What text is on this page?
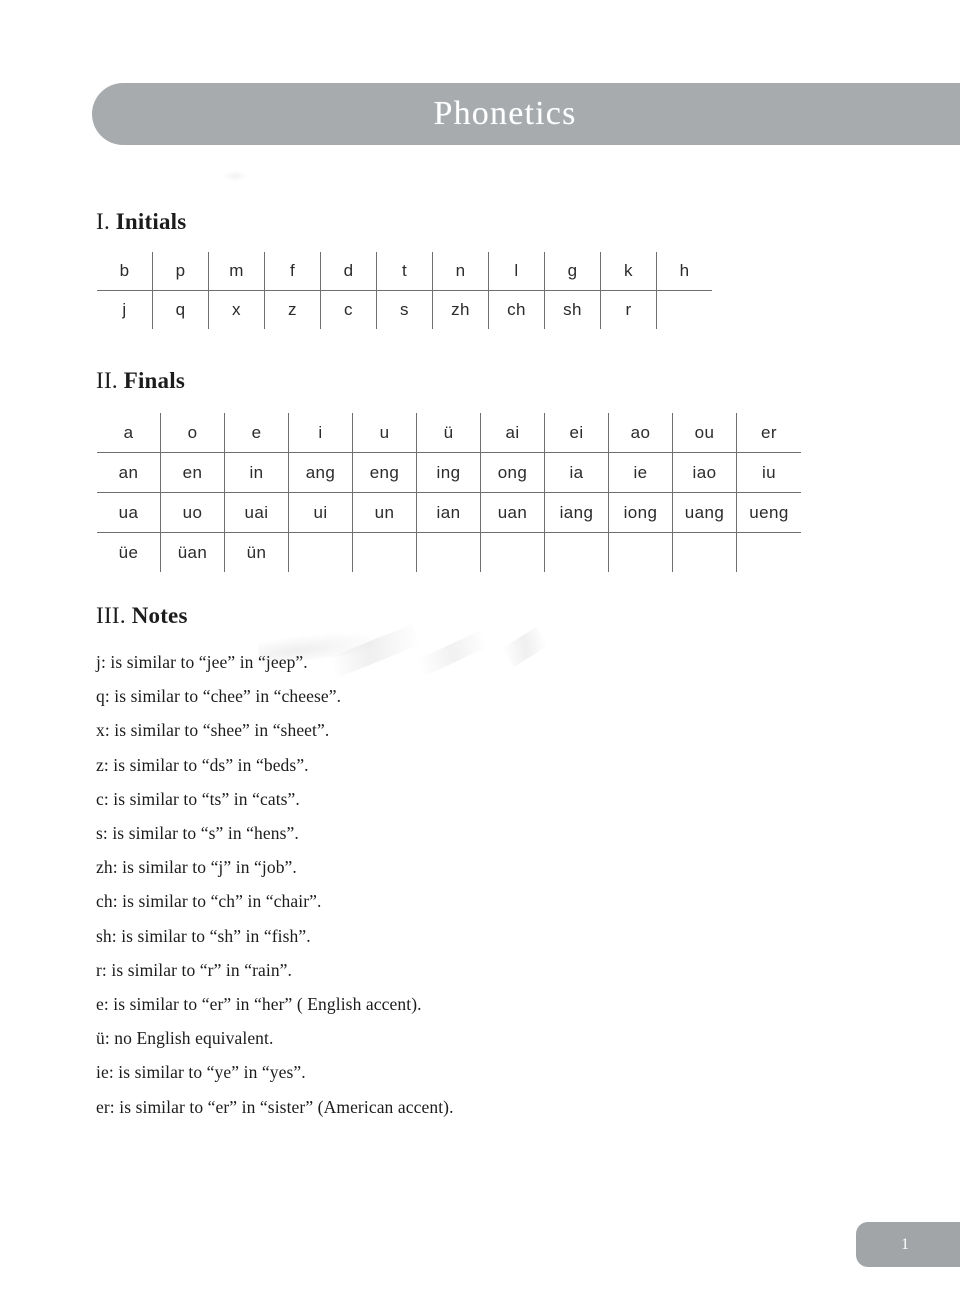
Phonetics
I. Initials
b	p	m	f	d	t	n	l	g	k	h
j	q	x	z	c	s	zh	ch	sh	r	
II. Finals
a	o	e	i	u	ü	ai	ei	ao	ou	er
an	en	in	ang	eng	ing	ong	ia	ie	iao	iu
ua	uo	uai	ui	un	ian	uan	iang	iong	uang	ueng
üe	üan	ün								
III. Notes
j: is similar to “jee” in “jeep”.
q: is similar to “chee” in “cheese”.
x: is similar to “shee” in “sheet”.
z: is similar to “ds” in “beds”.
c: is similar to “ts” in “cats”.
s: is similar to “s” in “hens”.
zh: is similar to “j” in “job”.
ch: is similar to “ch” in “chair”.
sh: is similar to “sh” in “fish”.
r: is similar to “r” in “rain”.
e: is similar to “er” in “her” ( English accent).
ü: no English equivalent.
ie: is similar to “ye” in “yes”.
er: is similar to “er” in “sister” (American accent).
1
